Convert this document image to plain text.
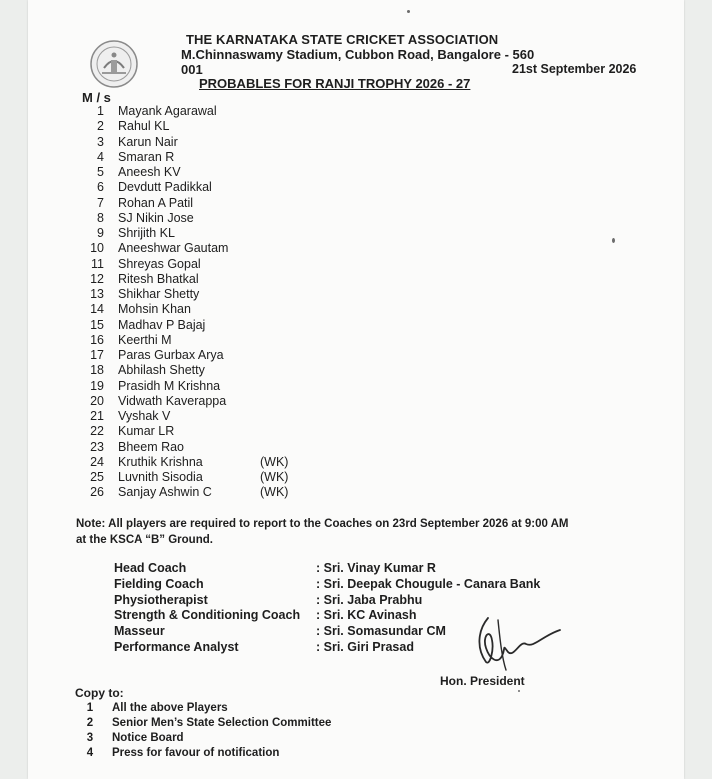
THE KARNATAKA STATE CRICKET ASSOCIATION
M.Chinnaswamy Stadium, Cubbon Road, Bangalore - 560 001	21st September 2026
PROBABLES FOR RANJI TROPHY 2026 - 27
M / s
1 Mayank Agarawal
2 Rahul KL
3 Karun Nair
4 Smaran R
5 Aneesh KV
6 Devdutt Padikkal
7 Rohan A Patil
8 SJ Nikin Jose
9 Shrijith KL
10 Aneeshwar Gautam
11 Shreyas Gopal
12 Ritesh Bhatkal
13 Shikhar Shetty
14 Mohsin Khan
15 Madhav P Bajaj
16 Keerthi M
17 Paras Gurbax Arya
18 Abhilash Shetty
19 Prasidh M Krishna
20 Vidwath Kaverappa
21 Vyshak V
22 Kumar LR
23 Bheem Rao
24 Kruthik Krishna	(WK)
25 Luvnith Sisodia	(WK)
26 Sanjay Ashwin C	(WK)
Note: All players are required to report to the Coaches on 23rd September 2026 at 9:00 AM
at the KSCA “B” Ground.
Head Coach	: Sri. Vinay Kumar R
Fielding Coach	: Sri. Deepak Chougule - Canara Bank
Physiotherapist	: Sri. Jaba Prabhu
Strength & Conditioning Coach : Sri. KC Avinash
Masseur	: Sri. Somasundar CM
Performance Analyst	: Sri. Giri Prasad
Hon. President
Copy to:
1 All the above Players
2 Senior Men’s State Selection Committee
3 Notice Board
4 Press for favour of notification
